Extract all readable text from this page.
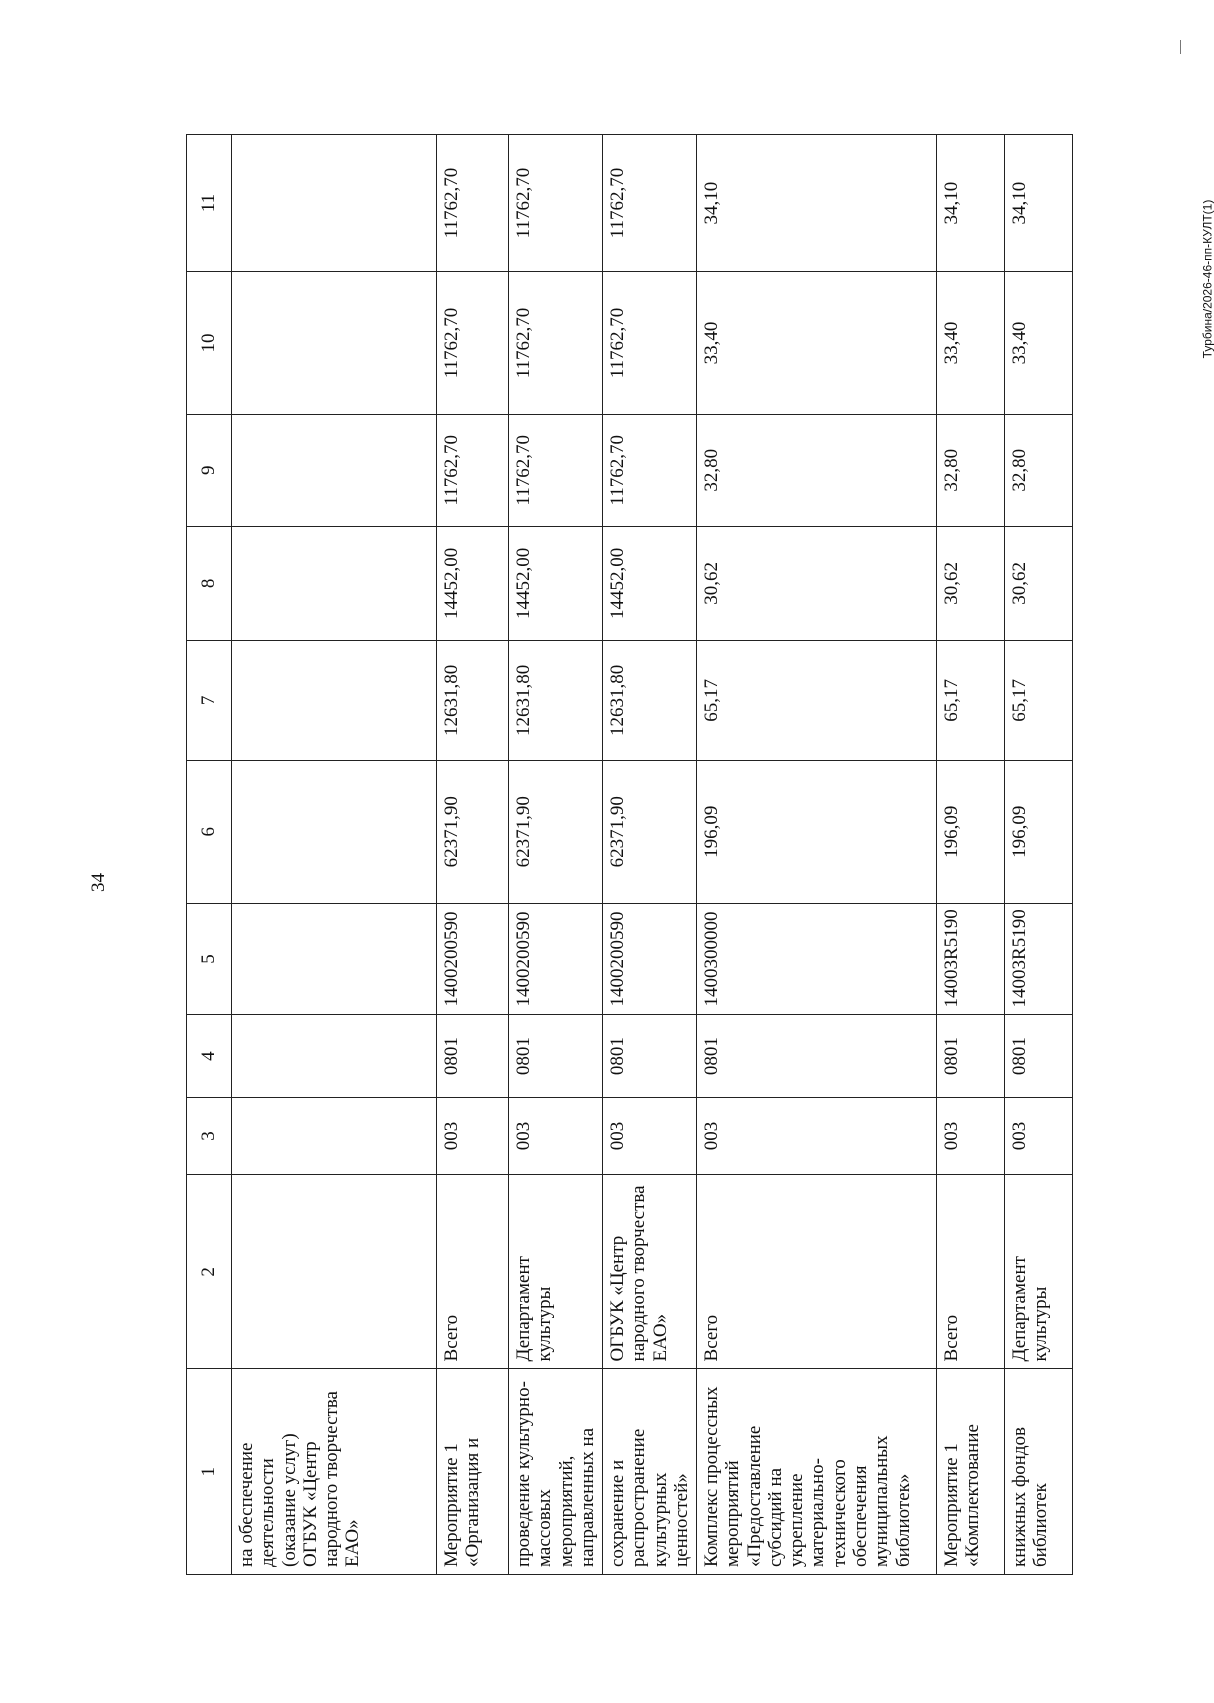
34
Турбина/2026-46-пп-КУЛТ(1)
1	2	3	4	5	6	7	8	9	10	11
на обеспечение деятельности (оказание услуг) ОГБУК «Центр народного творчества ЕАО»										
Мероприятие 1 «Организация и	Всего	003	0801	1400200590	62371,90	12631,80	14452,00	11762,70	11762,70	11762,70
проведение культурно-массовых мероприятий, направленных на	Департамент культуры	003	0801	1400200590	62371,90	12631,80	14452,00	11762,70	11762,70	11762,70
сохранение и распространение культурных ценностей»	ОГБУК «Центр народного творчества ЕАО»	003	0801	1400200590	62371,90	12631,80	14452,00	11762,70	11762,70	11762,70
Комплекс процессных мероприятий «Предоставление субсидий на укрепление материально-технического обеспечения муниципальных библиотек»	Всего	003	0801	1400300000	196,09	65,17	30,62	32,80	33,40	34,10
Мероприятие 1 «Комплектование	Всего	003	0801	14003R5190	196,09	65,17	30,62	32,80	33,40	34,10
книжных фондов библиотек	Департамент культуры	003	0801	14003R5190	196,09	65,17	30,62	32,80	33,40	34,10
